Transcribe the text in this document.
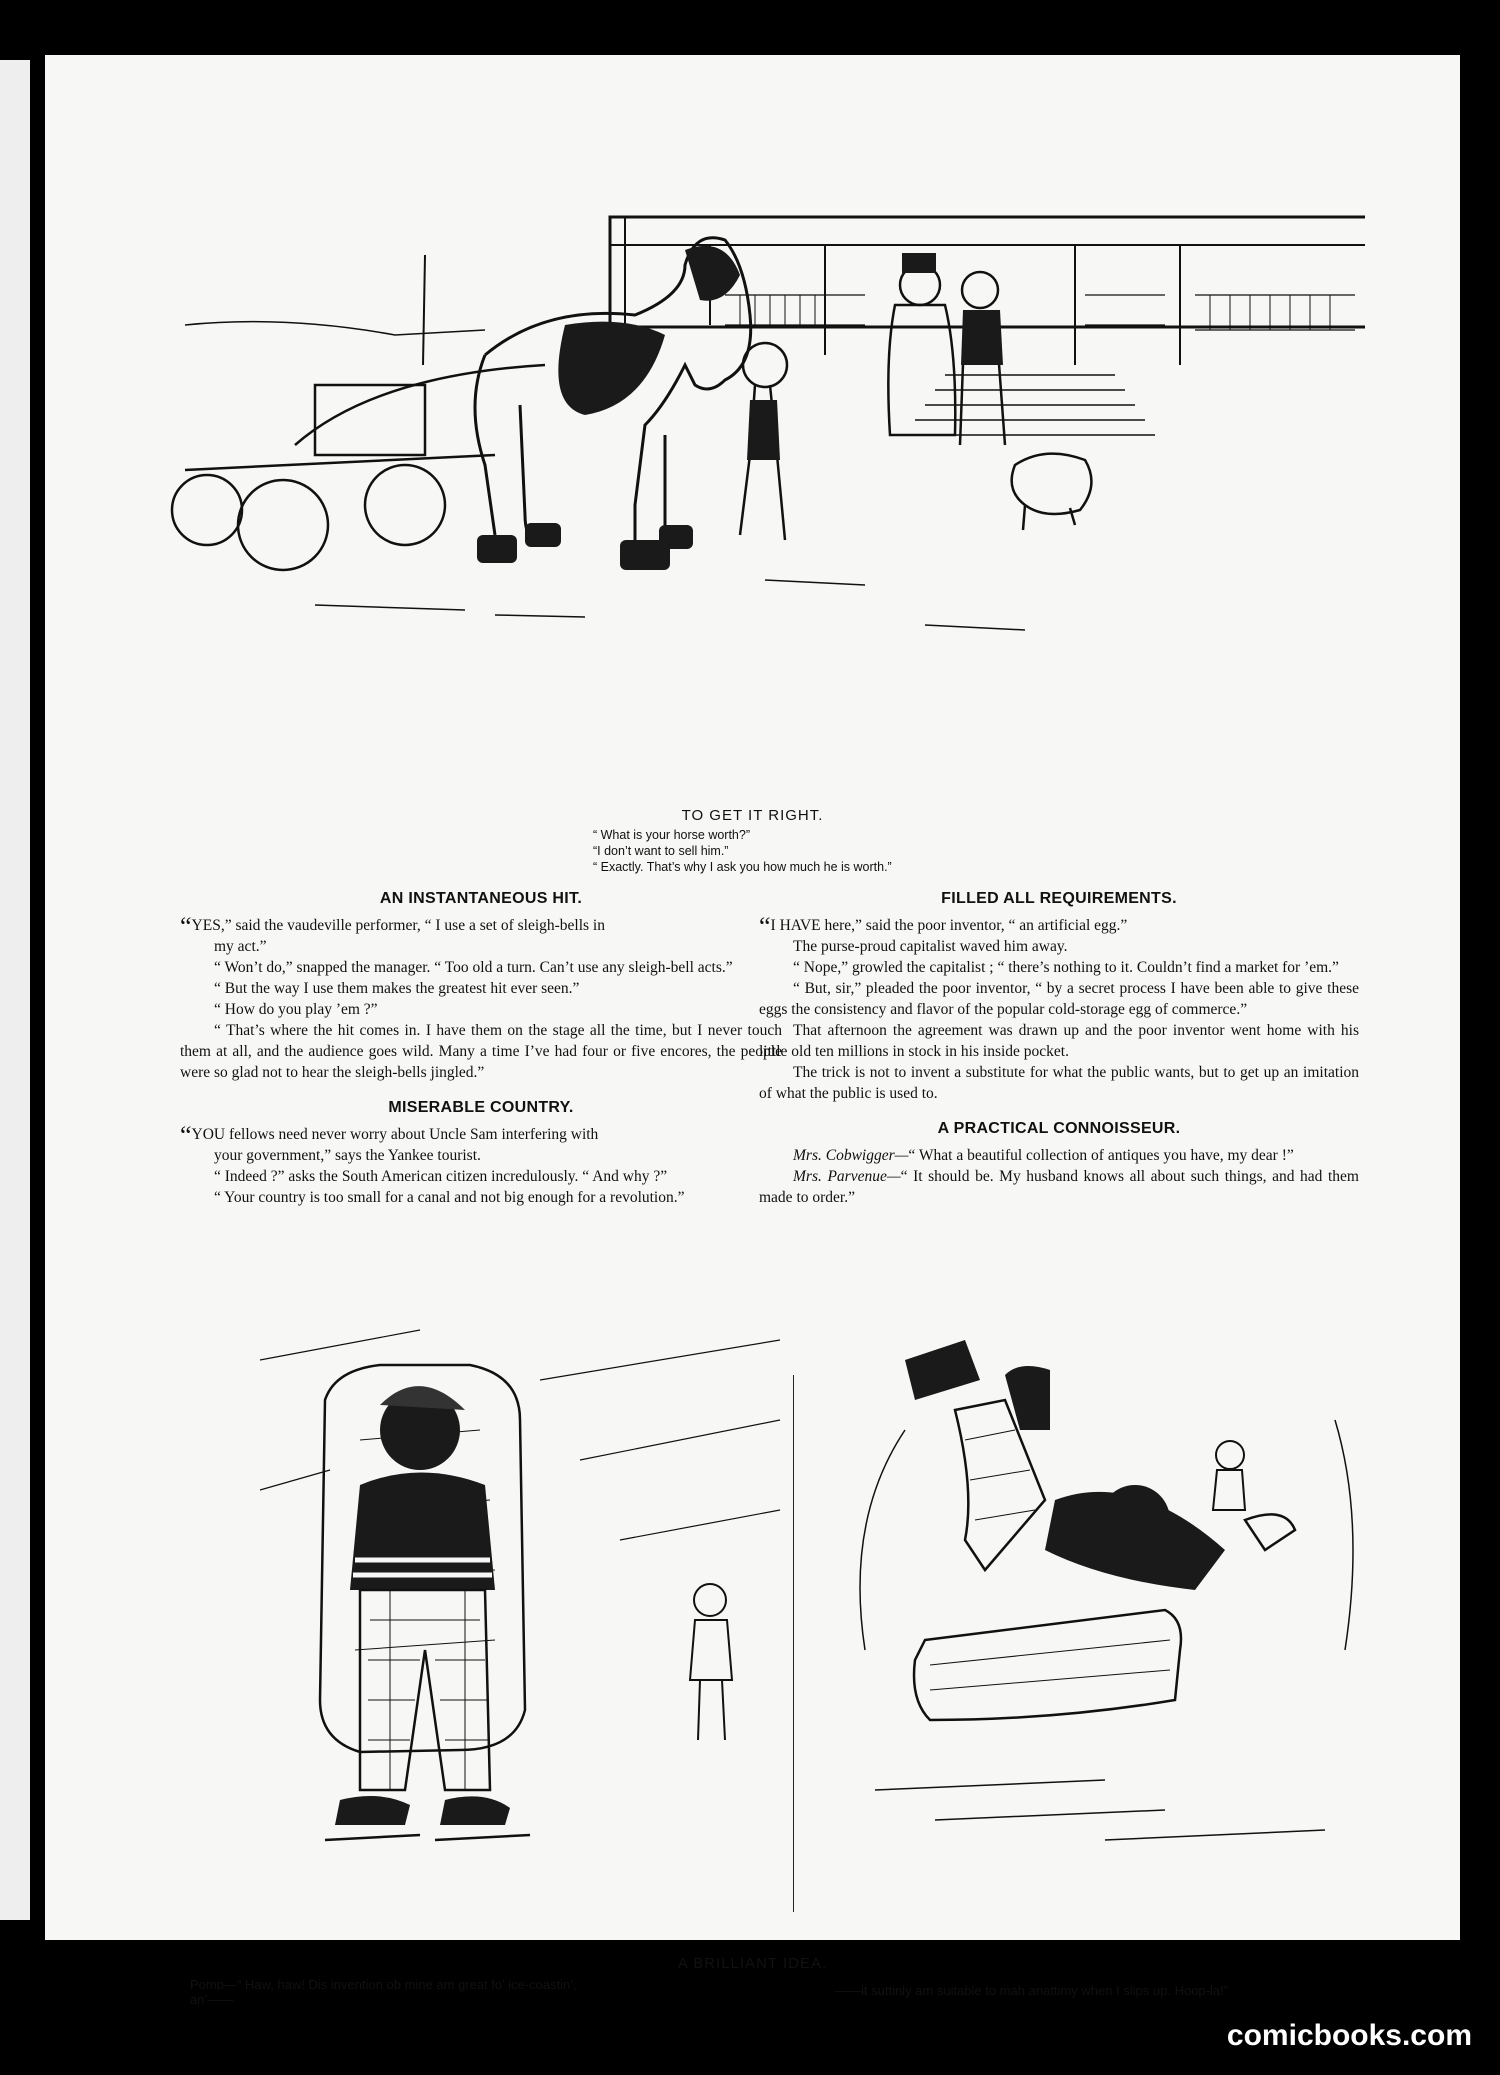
TO GET IT RIGHT.
“ What is your horse worth?”
“I don’t want to sell him.”
“ Exactly. That’s why I ask you how much he is worth.”
AN INSTANTANEOUS HIT.

“YES,” said the vaudeville performer, “ I use a set of sleigh-bells in

my act.”

“ Won’t do,” snapped the manager. “ Too old a turn. Can’t use any sleigh-bell acts.”

“ But the way I use them makes the greatest hit ever seen.”

“ How do you play ’em ?”

“ That’s where the hit comes in. I have them on the stage all the time, but I never touch them at all, and the audience goes wild. Many a time I’ve had four or five encores, the people were so glad not to hear the sleigh-bells jingled.”

MISERABLE COUNTRY.

“YOU fellows need never worry about Uncle Sam interfering with

your government,” says the Yankee tourist.

“ Indeed ?” asks the South American citizen incredulously. “ And why ?”

“ Your country is too small for a canal and not big enough for a revolution.”

FILLED ALL REQUIREMENTS.

“I HAVE here,” said the poor inventor, “ an artificial egg.”

The purse-proud capitalist waved him away.

“ Nope,” growled the capitalist ; “ there’s nothing to it. Couldn’t find a market for ’em.”

“ But, sir,” pleaded the poor inventor, “ by a secret process I have been able to give these eggs the consistency and flavor of the popular cold-storage egg of commerce.”

That afternoon the agreement was drawn up and the poor inventor went home with his little old ten millions in stock in his inside pocket.

The trick is not to invent a substitute for what the public wants, but to get up an imitation of what the public is used to.

A PRACTICAL CONNOISSEUR.

Mrs. Cobwigger—“ What a beautiful collection of antiques you have, my dear !”

Mrs. Parvenue—“ It should be. My husband knows all about such things, and had them made to order.”

A BRILLIANT IDEA.
Pomp—“ Haw, haw! Dis invention ob mine am great fo’ ice-coastin’,
an’——
——it suttinly am suitable to mah anattimy when I slips up. Hoop-la!”
comicbooks.com
